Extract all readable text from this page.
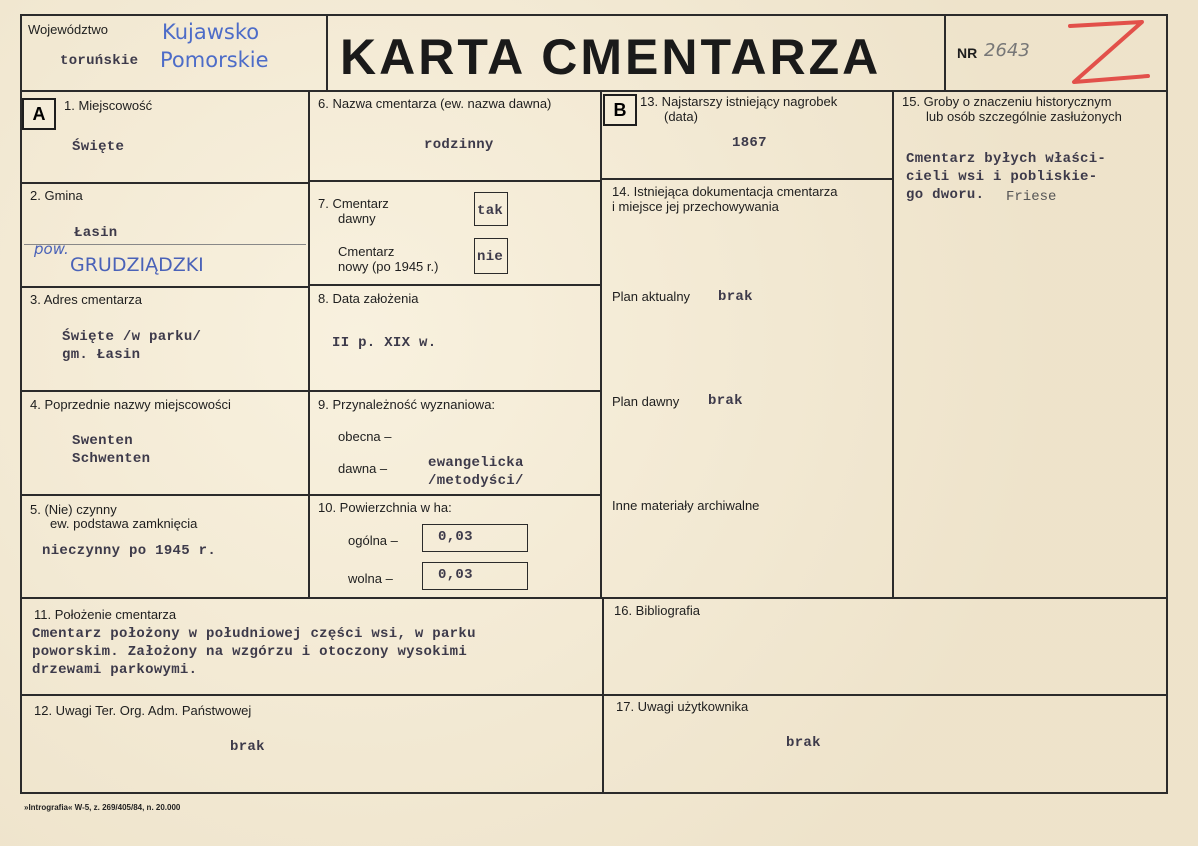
Województwo
toruńskie
Kujawsko
Pomorskie KARTA CMENTARZA	NR 2643
A	B
1. Miejscowość
Święte
2. Gmina
Łasin
pow.
GRUDZIĄDZKI
3. Adres cmentarza
Święte /w parku/
gm. Łasin
4. Poprzednie nazwy miejscowości
Swenten
Schwenten
5. (Nie) czynny
ew. podstawa zamknięcia
nieczynny po 1945 r.
6. Nazwa cmentarza (ew. nazwa dawna)
rodzinny
7. Cmentarz
dawny	tak
Cmentarz
nowy (po 1945 r.)
nie
8. Data założenia
II p. XIX w.
9. Przynależność wyznaniowa:
obecna –
dawna –	ewangelicka
/metodyści/
10. Powierzchnia w ha:
ogólna –	0,03
wolna –	0,03
13. Najstarszy istniejący nagrobek
(data)
1867
14. Istniejąca dokumentacja cmentarza
i miejsce jej przechowywania
Plan aktualny brak
Plan dawny brak
Inne materiały archiwalne
15. Groby o znaczeniu historycznym
lub osób szczególnie zasłużonych
Cmentarz byłych właści-
cieli wsi i pobliskie-
go dworu.	Friese
11. Położenie cmentarza
Cmentarz położony w południowej części wsi, w parku
poworskim. Założony na wzgórzu i otoczony wysokimi
drzewami parkowymi.
16. Bibliografia
12. Uwagi Ter. Org. Adm. Państwowej
brak
17. Uwagi użytkownika
brak
»Intrografia« W-5, z. 269/405/84, n. 20.000
